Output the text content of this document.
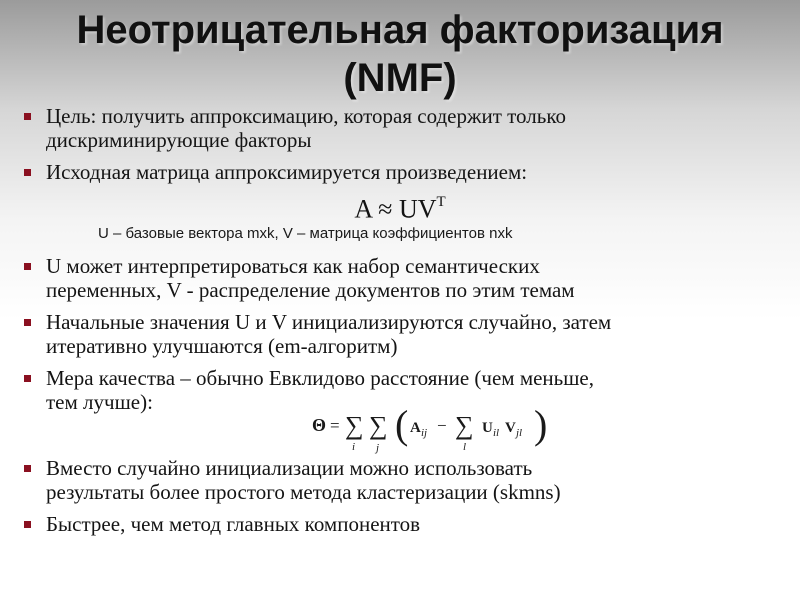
Неотрицательная факторизация
(NMF)
Цель: получить аппроксимацию, которая содержит только
дискриминирующие факторы
Исходная матрица аппроксимируется произведением:
$A \approx UV^T$
U – базовые вектора mxk, V – матрица коэффициентов nxk
U может интерпретироваться как набор семантических
переменных, V - распределение документов по этим темам
Начальные значения U и V инициализируются случайно, затем
итеративно улучшаются (em-алгоритм)
Мера качества – обычно Евклидово расстояние (чем меньше,
тем лучше):
Θ = ∑
i
∑
j
( A ij − ∑
l
U il V jl )
Вместо случайно инициализации можно использовать
результаты более простого метода кластеризации (skmns)
Быстрее, чем метод главных компонентов
